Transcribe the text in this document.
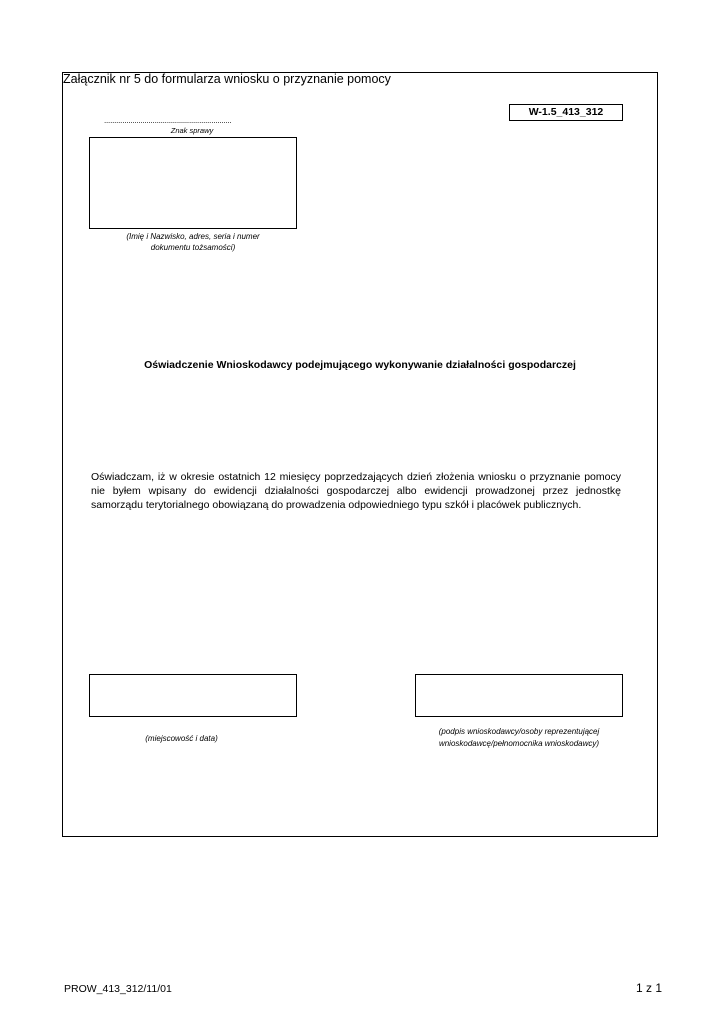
Załącznik nr 5 do formularza wniosku o przyznanie pomocy
W-1.5_413_312
...............................................................
Znak sprawy
(Imię i Nazwisko, adres, seria i numer
dokumentu tożsamości)
Oświadczenie Wnioskodawcy podejmującego wykonywanie działalności gospodarczej
Oświadczam, iż w okresie ostatnich 12 miesięcy poprzedzających dzień złożenia wniosku o przyznanie pomocy nie byłem wpisany do ewidencji działalności gospodarczej albo ewidencji prowadzonej przez jednostkę samorządu terytorialnego obowiązaną do prowadzenia odpowiedniego typu szkół i placówek publicznych.
(miejscowość i data)
(podpis wnioskodawcy/osoby reprezentującej
wnioskodawcę/pełnomocnika wnioskodawcy)
PROW_413_312/11/01	1 z 1
